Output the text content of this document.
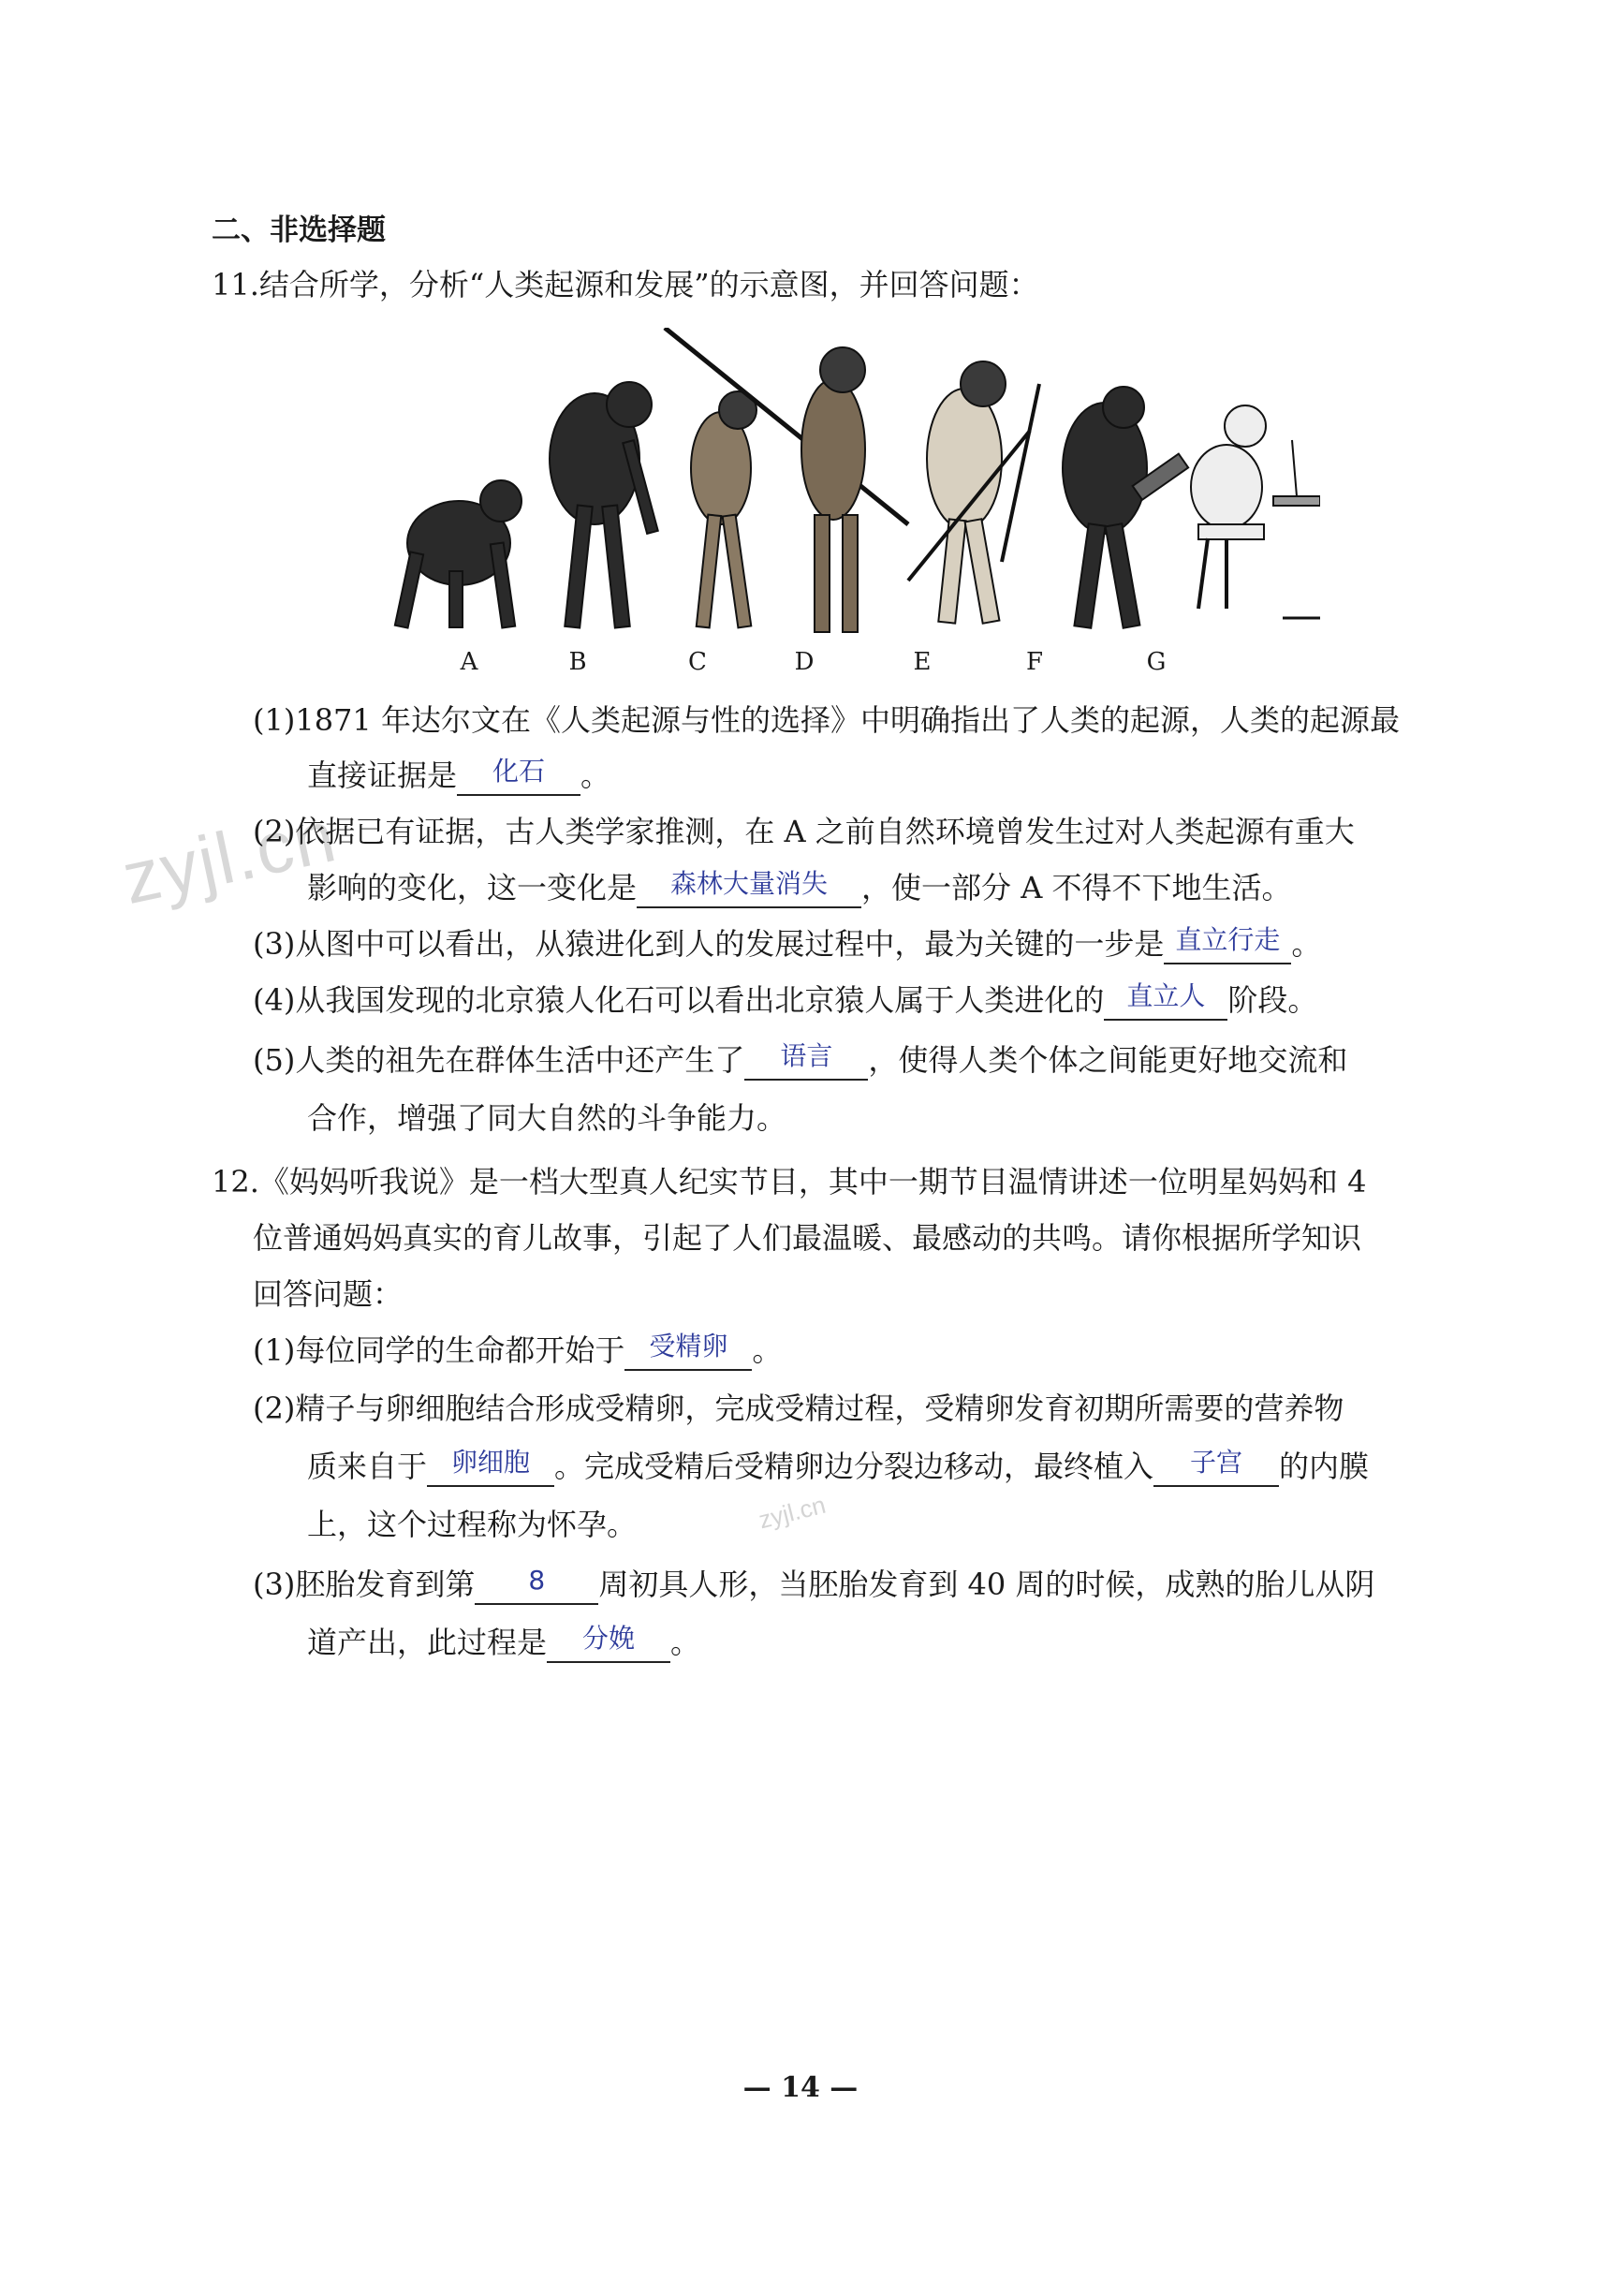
zyjl.cn
zyjl.cn
二、非选择题
11.结合所学，分析“人类起源和发展”的示意图，并回答问题：
A	B	C	D	E	F	G
(1)1871 年达尔文在《人类起源与性的选择》中明确指出了人类的起源，人类的起源最
直接证据是	化石	。
(2)依据已有证据，古人类学家推测，在 A 之前自然环境曾发生过对人类起源有重大
影响的变化，这一变化是	森林大量消失	，使一部分 A 不得不下地生活。
(3)从图中可以看出，从猿进化到人的发展过程中，最为关键的一步是 直立行走 。
(4)从我国发现的北京猿人化石可以看出北京猿人属于人类进化的 直立人 阶段。
(5)人类的祖先在群体生活中还产生了	语言	，使得人类个体之间能更好地交流和
合作，增强了同大自然的斗争能力。
12.《妈妈听我说》是一档大型真人纪实节目，其中一期节目温情讲述一位明星妈妈和 4
位普通妈妈真实的育儿故事，引起了人们最温暖、最感动的共鸣。请你根据所学知识
回答问题：
(1)每位同学的生命都开始于 受精卵 。
(2)精子与卵细胞结合形成受精卵，完成受精过程，受精卵发育初期所需要的营养物
质来自于 卵细胞 。完成受精后受精卵边分裂边移动，最终植入	子宫	的内膜
上，这个过程称为怀孕。
(3)胚胎发育到第	8	周初具人形，当胚胎发育到 40 周的时候，成熟的胎儿从阴
道产出，此过程是	分娩	。
— 14 —
